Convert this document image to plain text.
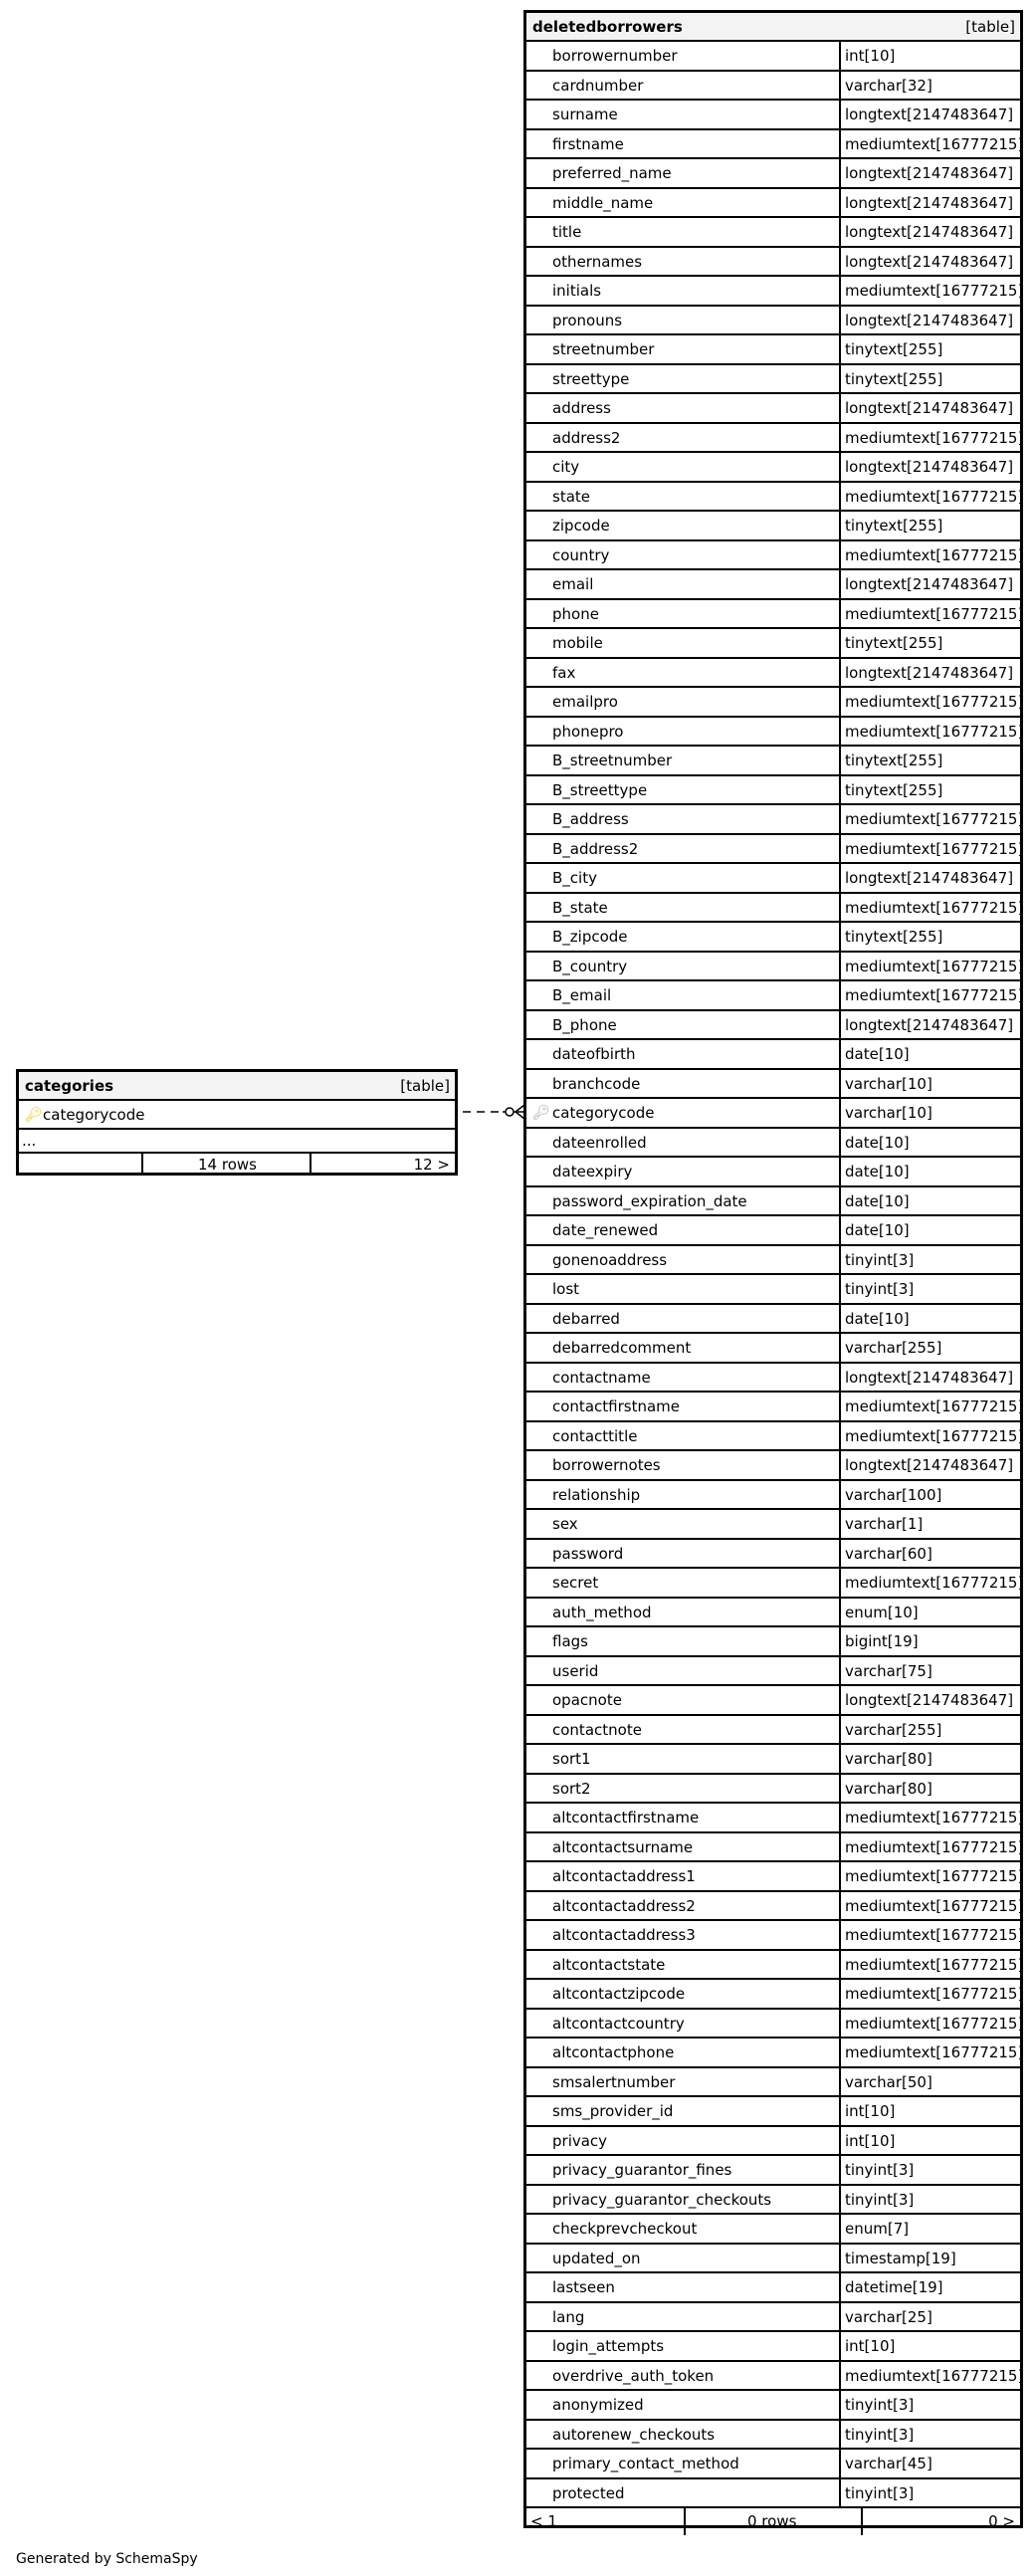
categories	[table]
🔑︎ categorycode
...
14 rows	12 >
deletedborrowers	[table]
borrowernumber	int[10]
cardnumber	varchar[32]
surname	longtext[2147483647]
firstname	mediumtext[16777215]
preferred_name	longtext[2147483647]
middle_name	longtext[2147483647]
title	longtext[2147483647]
othernames	longtext[2147483647]
initials	mediumtext[16777215]
pronouns	longtext[2147483647]
streetnumber	tinytext[255]
streettype	tinytext[255]
address	longtext[2147483647]
address2	mediumtext[16777215]
city	longtext[2147483647]
state	mediumtext[16777215]
zipcode	tinytext[255]
country	mediumtext[16777215]
email	longtext[2147483647]
phone	mediumtext[16777215]
mobile	tinytext[255]
fax	longtext[2147483647]
emailpro	mediumtext[16777215]
phonepro	mediumtext[16777215]
B_streetnumber	tinytext[255]
B_streettype	tinytext[255]
B_address	mediumtext[16777215]
B_address2	mediumtext[16777215]
B_city	longtext[2147483647]
B_state	mediumtext[16777215]
B_zipcode	tinytext[255]
B_country	mediumtext[16777215]
B_email	mediumtext[16777215]
B_phone	longtext[2147483647]
dateofbirth	date[10]
branchcode	varchar[10]
🔑︎ categorycode	varchar[10]
dateenrolled	date[10]
dateexpiry	date[10]
password_expiration_date	date[10]
date_renewed	date[10]
gonenoaddress	tinyint[3]
lost	tinyint[3]
debarred	date[10]
debarredcomment	varchar[255]
contactname	longtext[2147483647]
contactfirstname	mediumtext[16777215]
contacttitle	mediumtext[16777215]
borrowernotes	longtext[2147483647]
relationship	varchar[100]
sex	varchar[1]
password	varchar[60]
secret	mediumtext[16777215]
auth_method	enum[10]
flags	bigint[19]
userid	varchar[75]
opacnote	longtext[2147483647]
contactnote	varchar[255]
sort1	varchar[80]
sort2	varchar[80]
altcontactfirstname	mediumtext[16777215]
altcontactsurname	mediumtext[16777215]
altcontactaddress1	mediumtext[16777215]
altcontactaddress2	mediumtext[16777215]
altcontactaddress3	mediumtext[16777215]
altcontactstate	mediumtext[16777215]
altcontactzipcode	mediumtext[16777215]
altcontactcountry	mediumtext[16777215]
altcontactphone	mediumtext[16777215]
smsalertnumber	varchar[50]
sms_provider_id	int[10]
privacy	int[10]
privacy_guarantor_fines	tinyint[3]
privacy_guarantor_checkouts	tinyint[3]
checkprevcheckout	enum[7]
updated_on	timestamp[19]
lastseen	datetime[19]
lang	varchar[25]
login_attempts	int[10]
overdrive_auth_token	mediumtext[16777215]
anonymized	tinyint[3]
autorenew_checkouts	tinyint[3]
primary_contact_method	varchar[45]
protected	tinyint[3]
< 1	0 rows	0 >
Generated by SchemaSpy
